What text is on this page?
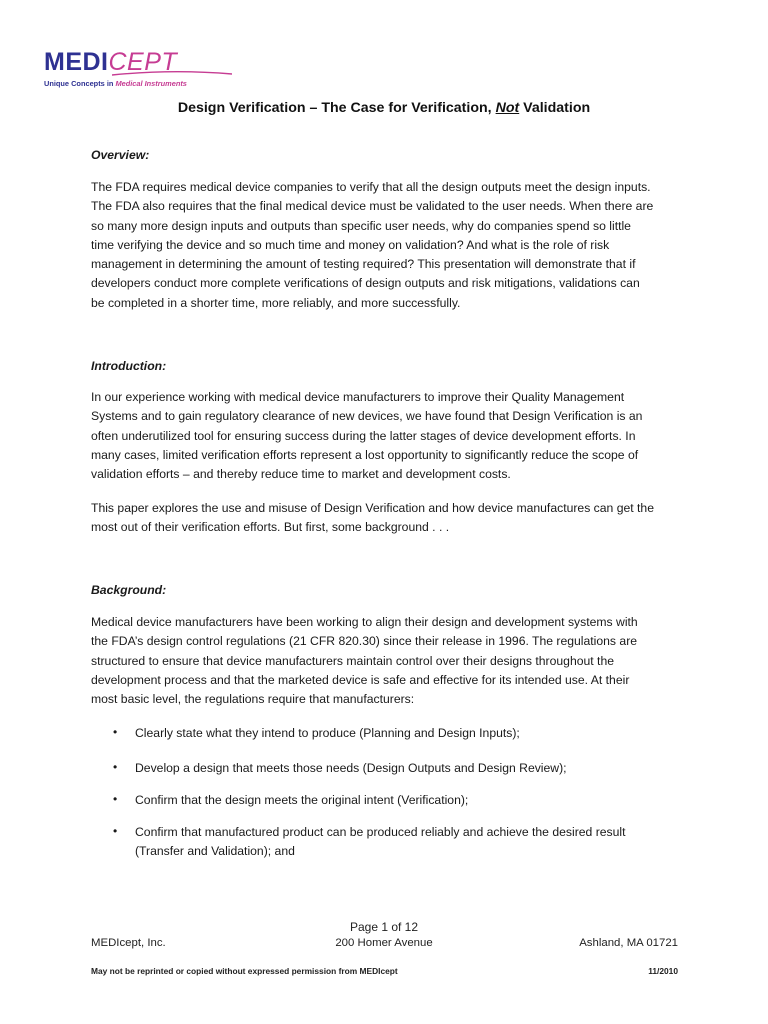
MEDICEPT
Unique Concepts in Medical Instruments
Design Verification – The Case for Verification, Not Validation
Overview:
The FDA requires medical device companies to verify that all the design outputs meet the design inputs.
The FDA also requires that the final medical device must be validated to the user needs. When there are
so many more design inputs and outputs than specific user needs, why do companies spend so little
time verifying the device and so much time and money on validation? And what is the role of risk
management in determining the amount of testing required? This presentation will demonstrate that if
developers conduct more complete verifications of design outputs and risk mitigations, validations can
be completed in a shorter time, more reliably, and more successfully.
Introduction:
In our experience working with medical device manufacturers to improve their Quality Management
Systems and to gain regulatory clearance of new devices, we have found that Design Verification is an
often underutilized tool for ensuring success during the latter stages of device development efforts. In
many cases, limited verification efforts represent a lost opportunity to significantly reduce the scope of
validation efforts – and thereby reduce time to market and development costs.
This paper explores the use and misuse of Design Verification and how device manufactures can get the
most out of their verification efforts. But first, some background . . .
Background:
Medical device manufacturers have been working to align their design and development systems with
the FDA’s design control regulations (21 CFR 820.30) since their release in 1996. The regulations are
structured to ensure that device manufacturers maintain control over their designs throughout the
development process and that the marketed device is safe and effective for its intended use. At their
most basic level, the regulations require that manufacturers:
• Clearly state what they intend to produce (Planning and Design Inputs);
• Develop a design that meets those needs (Design Outputs and Design Review);
• Confirm that the design meets the original intent (Verification);
• Confirm that manufactured product can be produced reliably and achieve the desired result
(Transfer and Validation); and
Page 1 of 12
MEDIcept, Inc.	200 Homer Avenue	Ashland, MA 01721
May not be reprinted or copied without expressed permission from MEDIcept	11/2010
